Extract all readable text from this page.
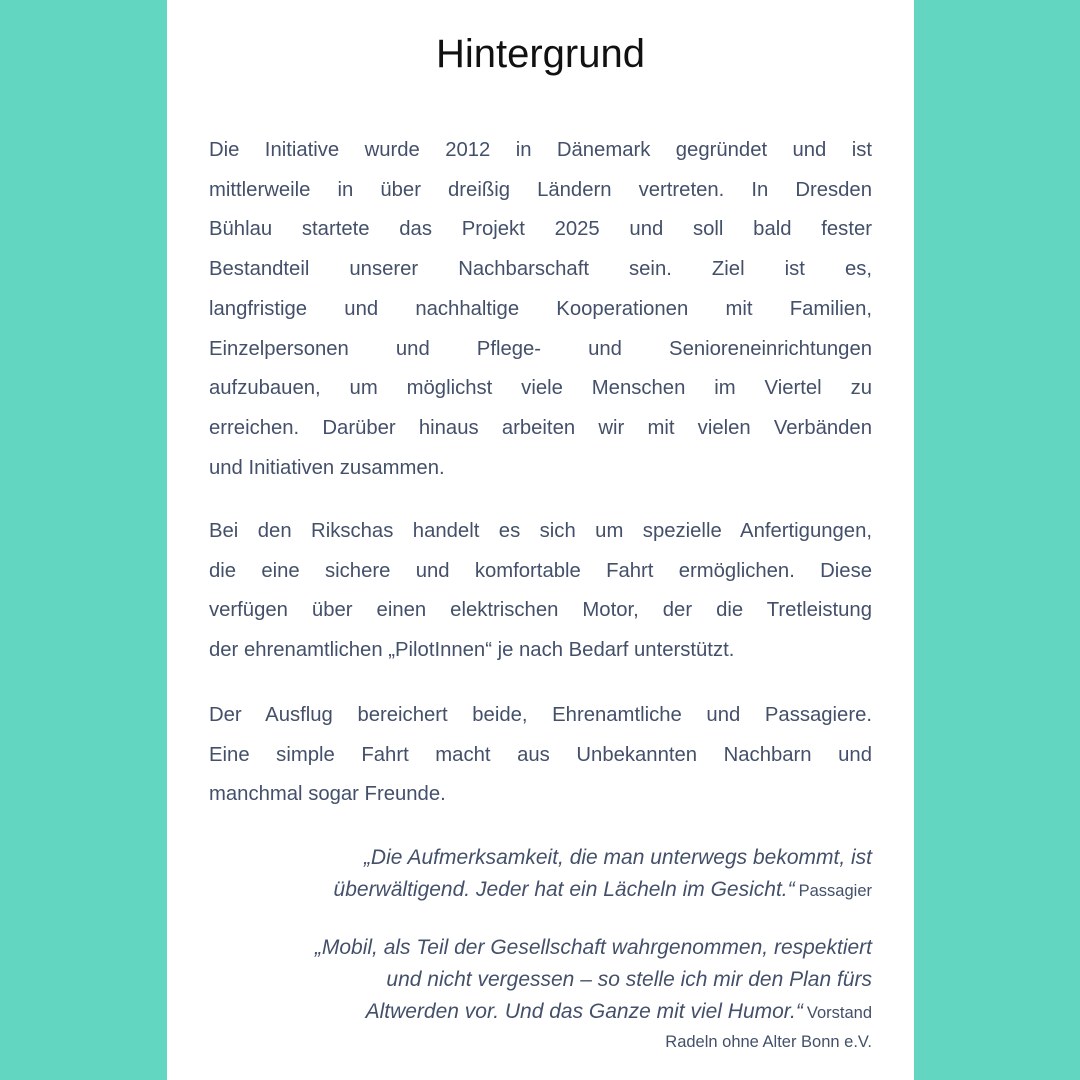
Hintergrund
Die Initiative wurde 2012 in Dänemark gegründet und ist
mittlerweile in über dreißig Ländern vertreten. In Dresden
Bühlau startete das Projekt 2025 und soll bald fester
Bestandteil unserer Nachbarschaft sein. Ziel ist es,
langfristige und nachhaltige Kooperationen mit Familien,
Einzelpersonen und Pflege- und Senioreneinrichtungen
aufzubauen, um möglichst viele Menschen im Viertel zu
erreichen. Darüber hinaus arbeiten wir mit vielen Verbänden
und Initiativen zusammen.
Bei den Rikschas handelt es sich um spezielle Anfertigungen,
die eine sichere und komfortable Fahrt ermöglichen. Diese
verfügen über einen elektrischen Motor, der die Tretleistung
der ehrenamtlichen „PilotInnen“ je nach Bedarf unterstützt.
Der Ausflug bereichert beide, Ehrenamtliche und Passagiere.
Eine simple Fahrt macht aus Unbekannten Nachbarn und
manchmal sogar Freunde.
„Die Aufmerksamkeit, die man unterwegs bekommt, ist
überwältigend. Jeder hat ein Lächeln im Gesicht.“ Passagier
„Mobil, als Teil der Gesellschaft wahrgenommen, respektiert
und nicht vergessen – so stelle ich mir den Plan fürs
Altwerden vor. Und das Ganze mit viel Humor.“ Vorstand
Radeln ohne Alter Bonn e.V.
